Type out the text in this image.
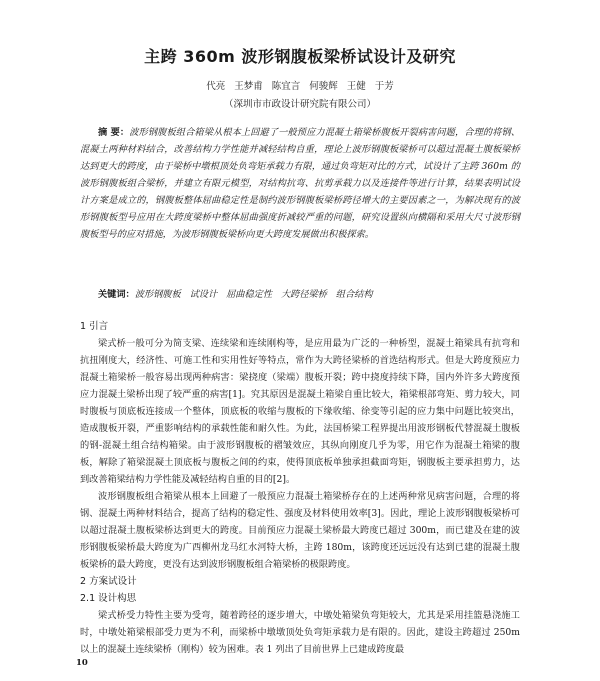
主跨 360m 波形钢腹板梁桥试设计及研究
代亮 王梦甫 陈宜言 何骏辉 王健 于芳
（深圳市市政设计研究院有限公司）
摘 要：波形钢腹板组合箱梁从根本上回避了一般预应力混凝土箱梁桥腹板开裂病害问题，合理的将钢、混凝土两种材料结合，改善结构力学性能并减轻结构自重，理论上波形钢腹板梁桥可以超过混凝土腹板梁桥达到更大的跨度，由于梁桥中墩根顶处负弯矩承载力有限，通过负弯矩对比的方式，试设计了主跨 360m 的波形钢腹板组合梁桥，并建立有限元模型，对结构抗弯、抗剪承载力以及连接件等进行计算，结果表明试设计方案是成立的，钢腹板整体屈曲稳定性是制约波形钢腹板梁桥跨径增大的主要因素之一，为解决现有的波形钢腹板型号应用在大跨度梁桥中整体屈曲强度折减较严重的问题，研究设置纵向横隔和采用大尺寸波形钢腹板型号的应对措施，为波形钢腹板梁桥向更大跨度发展做出积极探索。
关键词：波形钢腹板 试设计 屈曲稳定性 大跨径梁桥 组合结构

1 引言

梁式桥一般可分为简支梁、连续梁和连续刚构等，是应用最为广泛的一种桥型，混凝土箱梁具有抗弯和抗扭刚度大，经济性、可施工性和实用性好等特点，常作为大跨径梁桥的首选结构形式。但是大跨度预应力混凝土箱梁桥一般容易出现两种病害：梁挠度（梁端）腹板开裂；跨中挠度持续下降，国内外许多大跨度预应力混凝土梁桥出现了较严重的病害[1]。究其原因是混凝土箱梁自重比较大，箱梁根部弯矩、剪力较大，同时腹板与顶底板连接成一个整体，顶底板的收缩与腹板的下缘收缩、徐变等引起的应力集中问题比较突出，造成腹板开裂，严重影响结构的承载性能和耐久性。为此，法国桥梁工程界提出用波形钢板代替混凝土腹板的钢-混凝土组合结构箱梁。由于波形钢腹板的褶皱效应，其纵向刚度几乎为零，用它作为混凝土箱梁的腹板，解除了箱梁混凝土顶底板与腹板之间的约束，使得顶底板单独承担截面弯矩，钢腹板主要承担剪力，达到改善箱梁结构力学性能及减轻结构自重的目的[2]。

波形钢腹板组合箱梁从根本上回避了一般预应力混凝土箱梁桥存在的上述两种常见病害问题，合理的将钢、混凝土两种材料结合，提高了结构的稳定性、强度及材料使用效率[3]。因此，理论上波形钢腹板梁桥可以超过混凝土腹板梁桥达到更大的跨度。目前预应力混凝土梁桥最大跨度已超过 300m，而已建及在建的波形钢腹板梁桥最大跨度为广西柳州龙马红水河特大桥，主跨 180m，该跨度还远远没有达到已建的混凝土腹板梁桥的最大跨度，更没有达到波形钢腹板组合箱梁桥的极限跨度。

2 方案试设计

2.1 设计构思

梁式桥受力特性主要为受弯，随着跨径的逐步增大，中墩处箱梁负弯矩较大，尤其是采用挂篮悬浇施工时，中墩处箱梁根部受力更为不利，而梁桥中墩墩顶处负弯矩承载力是有限的。因此，建设主跨超过 250m 以上的混凝土连续梁桥（刚构）较为困难。表 1 列出了目前世界上已建成跨度最

10
